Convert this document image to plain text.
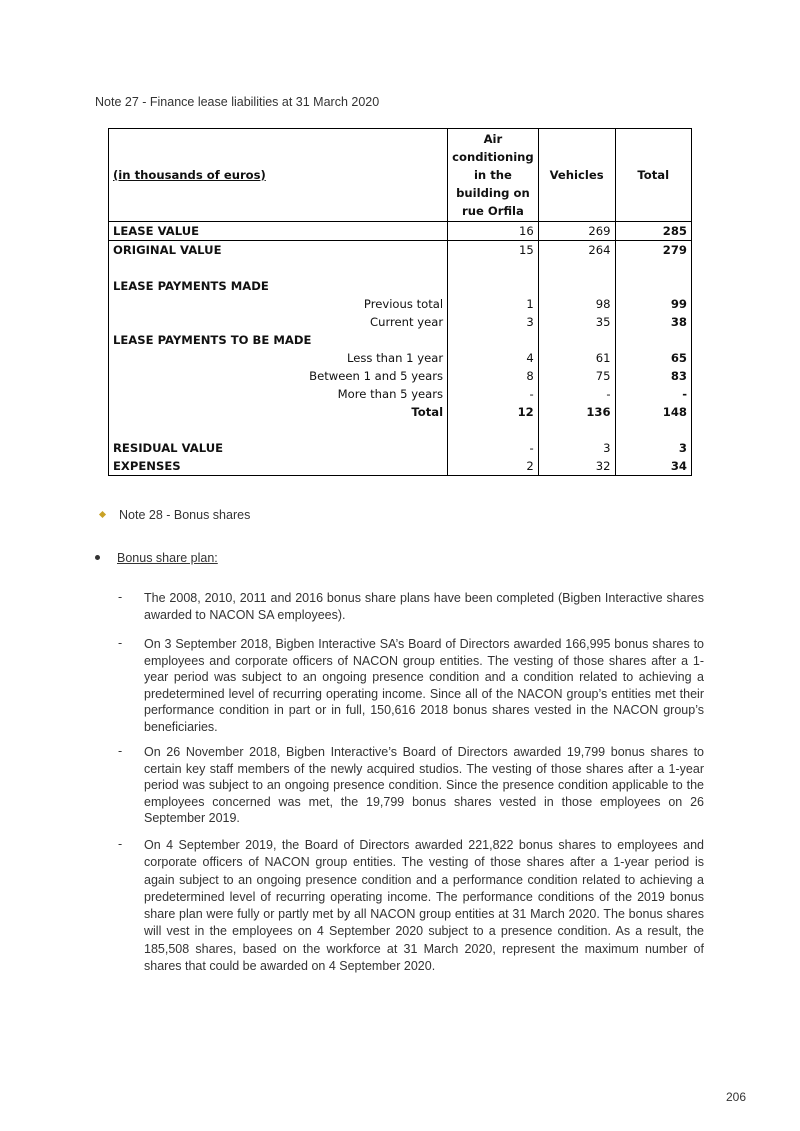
Note 27 - Finance lease liabilities at 31 March 2020
(in thousands of euros)	Air conditioning in the building on rue Orfila	Vehicles	Total
LEASE VALUE	16	269	285
ORIGINAL VALUE	15	264	279

LEASE PAYMENTS MADE			
Previous total	1	98	99
Current year	3	35	38
LEASE PAYMENTS TO BE MADE			
Less than 1 year	4	61	65
Between 1 and 5 years	8	75	83
More than 5 years	-	-	-
Total	12	136	148

RESIDUAL VALUE	-	3	3
EXPENSES	2	32	34
Note 28 - Bonus shares
Bonus share plan:
- The 2008, 2010, 2011 and 2016 bonus share plans have been completed (Bigben Interactive shares awarded to NACON SA employees).
- On 3 September 2018, Bigben Interactive SA’s Board of Directors awarded 166,995 bonus shares to employees and corporate officers of NACON group entities. The vesting of those shares after a 1-year period was subject to an ongoing presence condition and a condition related to achieving a predetermined level of recurring operating income. Since all of the NACON group’s entities met their performance condition in part or in full, 150,616 2018 bonus shares vested in the NACON group’s beneficiaries.
- On 26 November 2018, Bigben Interactive’s Board of Directors awarded 19,799 bonus shares to certain key staff members of the newly acquired studios. The vesting of those shares after a 1-year period was subject to an ongoing presence condition. Since the presence condition applicable to the employees concerned was met, the 19,799 bonus shares vested in those employees on 26 September 2019.
- On 4 September 2019, the Board of Directors awarded 221,822 bonus shares to employees and corporate officers of NACON group entities. The vesting of those shares after a 1-year period is again subject to an ongoing presence condition and a performance condition related to achieving a predetermined level of recurring operating income. The performance conditions of the 2019 bonus share plan were fully or partly met by all NACON group entities at 31 March 2020. The bonus shares will vest in the employees on 4 September 2020 subject to a presence condition. As a result, the 185,508 shares, based on the workforce at 31 March 2020, represent the maximum number of shares that could be awarded on 4 September 2020.
206
